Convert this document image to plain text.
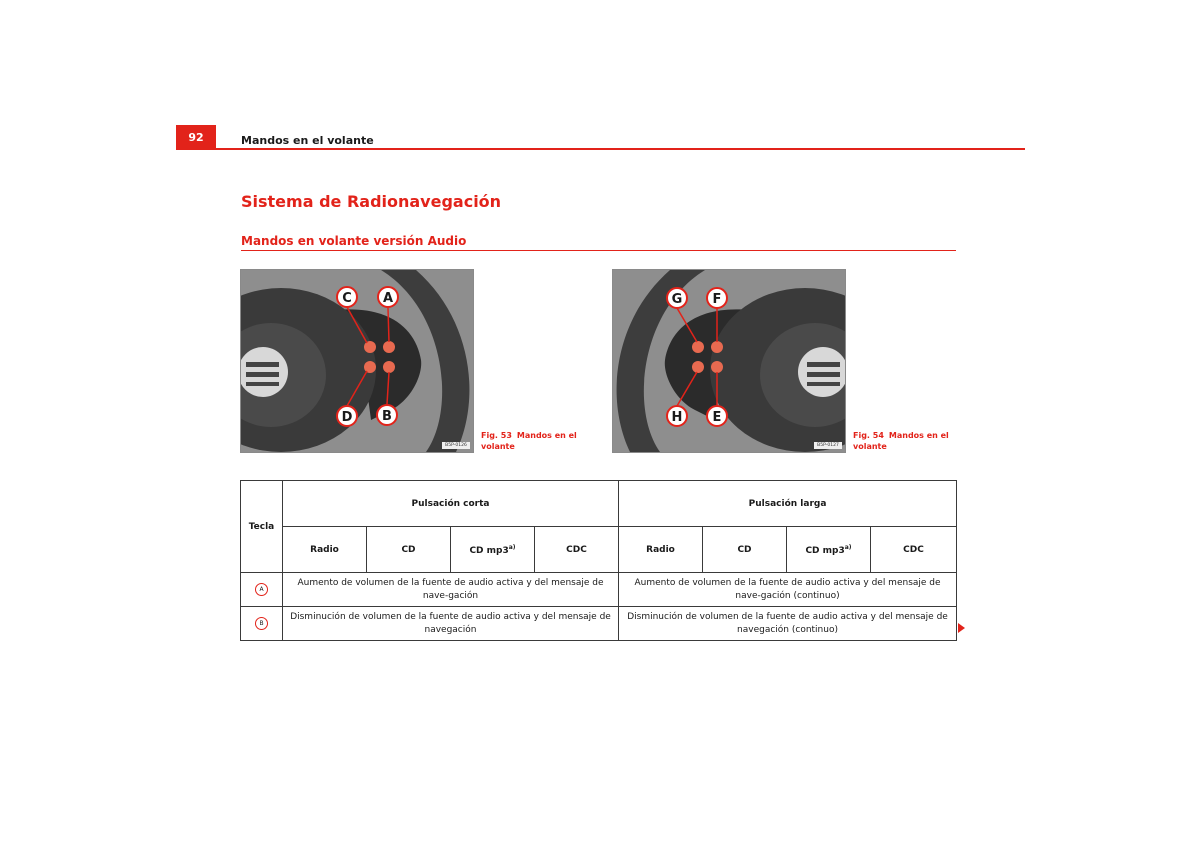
92	Mandos en el volante
Sistema de Radionavegación
Mandos en volante versión Audio
C A
D B
B5P-0126
Fig. 53 Mandos en el volante
G F
H E
B5P-0127
Fig. 54 Mandos en el volante
Tecla	Pulsación corta				Pulsación larga			
	Radio	CD	CD mp3$^{a)}$	CDC	Radio	CD	CD mp3$^{a)}$	CDC
A	Aumento de volumen de la fuente de audio activa y del mensaje de nave-gación				Aumento de volumen de la fuente de audio activa y del mensaje de nave-gación (continuo)			
B	Disminución de volumen de la fuente de audio activa y del mensaje de navegación				Disminución de volumen de la fuente de audio activa y del mensaje de navegación (continuo)			
